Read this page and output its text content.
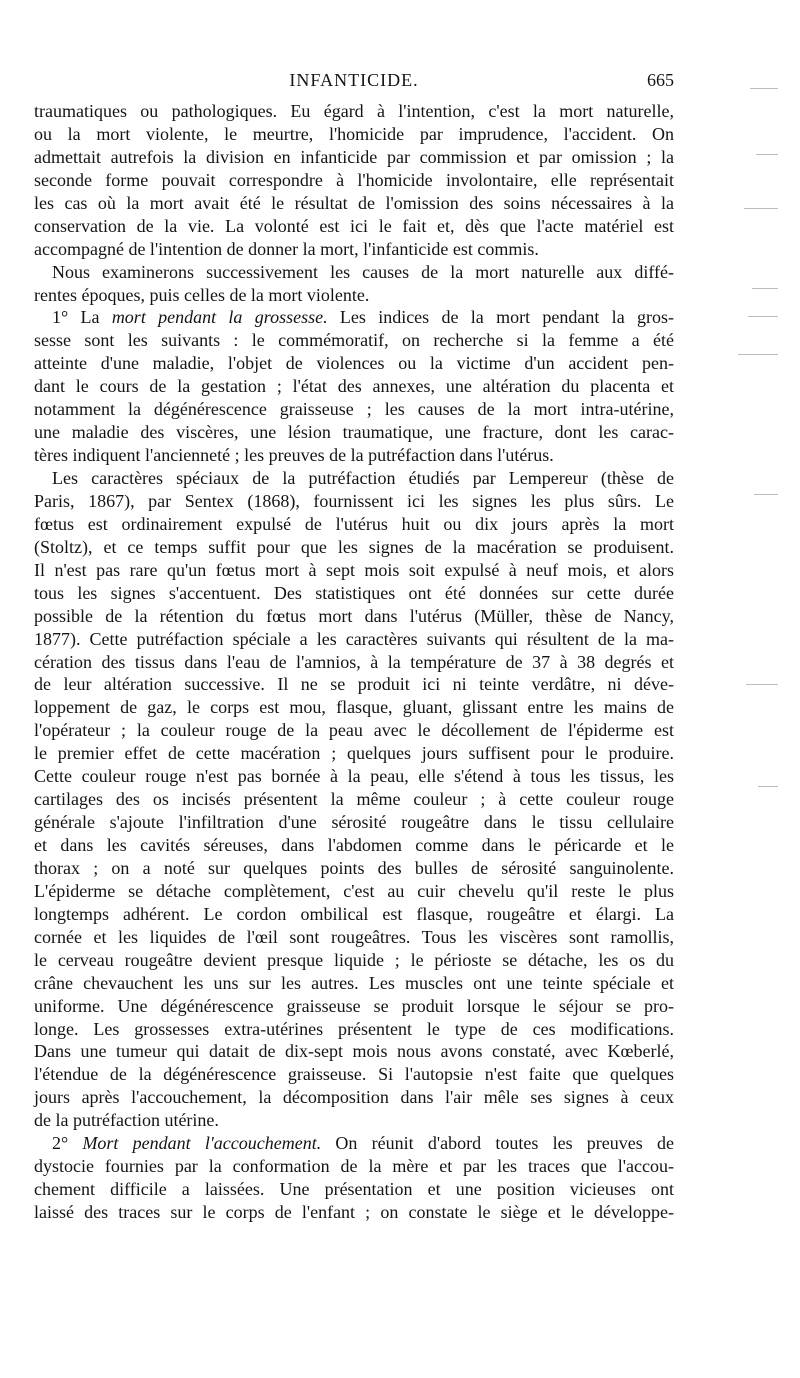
INFANTICIDE.	665
traumatiques ou pathologiques. Eu égard à l'intention, c'est la mort naturelle,
ou la mort violente, le meurtre, l'homicide par imprudence, l'accident. On
admettait autrefois la division en infanticide par commission et par omission ; la
seconde forme pouvait correspondre à l'homicide involontaire, elle représentait
les cas où la mort avait été le résultat de l'omission des soins nécessaires à la
conservation de la vie. La volonté est ici le fait et, dès que l'acte matériel est
accompagné de l'intention de donner la mort, l'infanticide est commis.
Nous examinerons successivement les causes de la mort naturelle aux diffé-
rentes époques, puis celles de la mort violente.
1° La mort pendant la grossesse. Les indices de la mort pendant la gros-
sesse sont les suivants : le commémoratif, on recherche si la femme a été
atteinte d'une maladie, l'objet de violences ou la victime d'un accident pen-
dant le cours de la gestation ; l'état des annexes, une altération du placenta et
notamment la dégénérescence graisseuse ; les causes de la mort intra-utérine,
une maladie des viscères, une lésion traumatique, une fracture, dont les carac-
tères indiquent l'ancienneté ; les preuves de la putréfaction dans l'utérus.
Les caractères spéciaux de la putréfaction étudiés par Lempereur (thèse de
Paris, 1867), par Sentex (1868), fournissent ici les signes les plus sûrs. Le
fœtus est ordinairement expulsé de l'utérus huit ou dix jours après la mort
(Stoltz), et ce temps suffit pour que les signes de la macération se produisent.
Il n'est pas rare qu'un fœtus mort à sept mois soit expulsé à neuf mois, et alors
tous les signes s'accentuent. Des statistiques ont été données sur cette durée
possible de la rétention du fœtus mort dans l'utérus (Müller, thèse de Nancy,
1877). Cette putréfaction spéciale a les caractères suivants qui résultent de la ma-
cération des tissus dans l'eau de l'amnios, à la température de 37 à 38 degrés et
de leur altération successive. Il ne se produit ici ni teinte verdâtre, ni déve-
loppement de gaz, le corps est mou, flasque, gluant, glissant entre les mains de
l'opérateur ; la couleur rouge de la peau avec le décollement de l'épiderme est
le premier effet de cette macération ; quelques jours suffisent pour le produire.
Cette couleur rouge n'est pas bornée à la peau, elle s'étend à tous les tissus, les
cartilages des os incisés présentent la même couleur ; à cette couleur rouge
générale s'ajoute l'infiltration d'une sérosité rougeâtre dans le tissu cellulaire
et dans les cavités séreuses, dans l'abdomen comme dans le péricarde et le
thorax ; on a noté sur quelques points des bulles de sérosité sanguinolente.
L'épiderme se détache complètement, c'est au cuir chevelu qu'il reste le plus
longtemps adhérent. Le cordon ombilical est flasque, rougeâtre et élargi. La
cornée et les liquides de l'œil sont rougeâtres. Tous les viscères sont ramollis,
le cerveau rougeâtre devient presque liquide ; le périoste se détache, les os du
crâne chevauchent les uns sur les autres. Les muscles ont une teinte spéciale et
uniforme. Une dégénérescence graisseuse se produit lorsque le séjour se pro-
longe. Les grossesses extra-utérines présentent le type de ces modifications.
Dans une tumeur qui datait de dix-sept mois nous avons constaté, avec Kœberlé,
l'étendue de la dégénérescence graisseuse. Si l'autopsie n'est faite que quelques
jours après l'accouchement, la décomposition dans l'air mêle ses signes à ceux
de la putréfaction utérine.
2° Mort pendant l'accouchement. On réunit d'abord toutes les preuves de
dystocie fournies par la conformation de la mère et par les traces que l'accou-
chement difficile a laissées. Une présentation et une position vicieuses ont
laissé des traces sur le corps de l'enfant ; on constate le siège et le développe-
